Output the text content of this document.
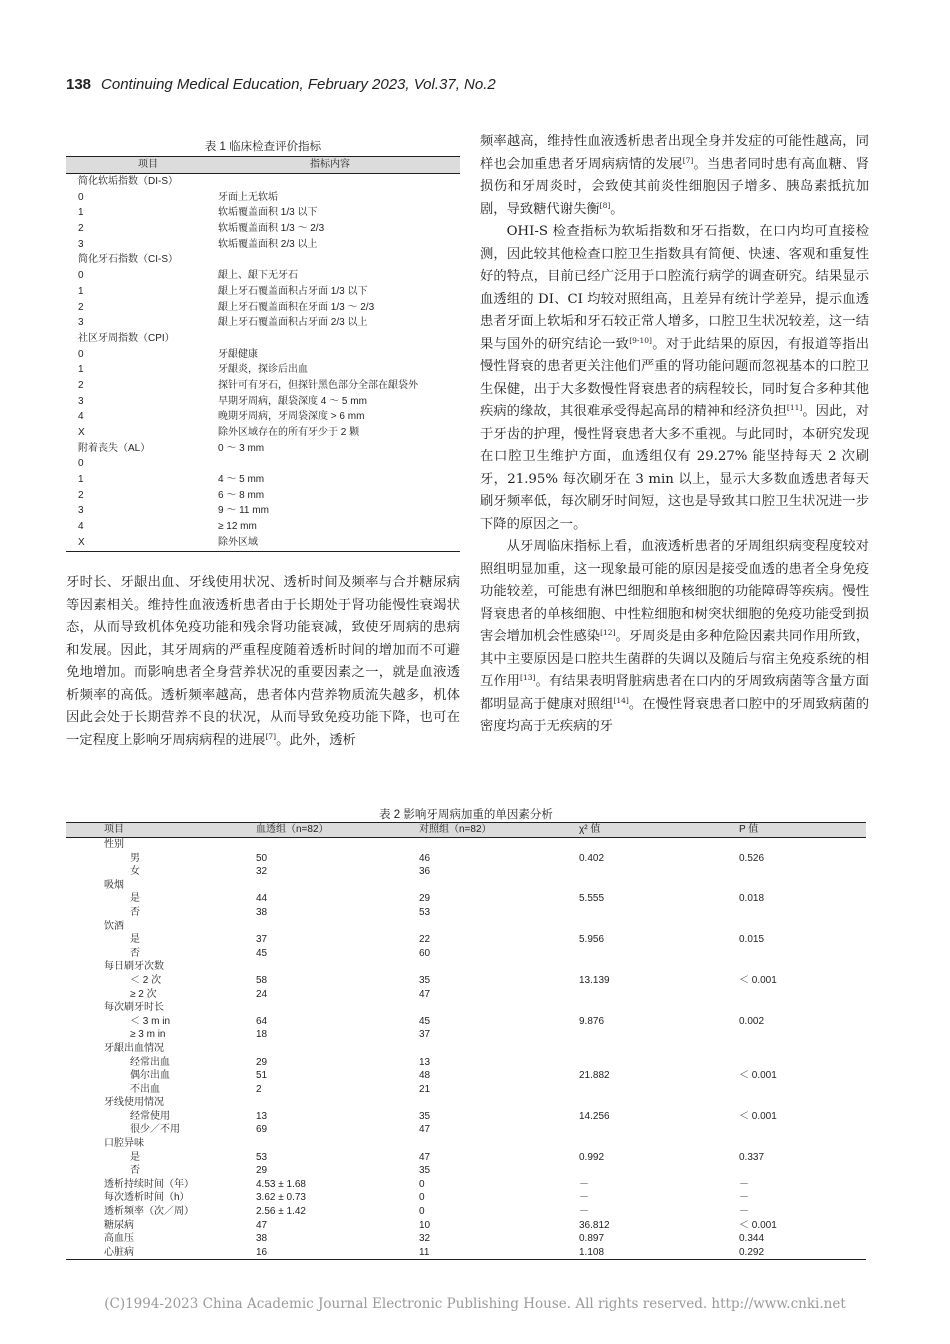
138 Continuing Medical Education, February 2023, Vol.37, No.2
表 1 临床检查评价指标
项目	指标内容
简化软垢指数（DI-S）
0	牙面上无软垢
1	软垢覆盖面积 1/3 以下
2	软垢覆盖面积 1/3 ～ 2/3
3	软垢覆盖面积 2/3 以上
简化牙石指数（CI-S）
0	龈上、龈下无牙石
1	龈上牙石覆盖面积占牙面 1/3 以下
2	龈上牙石覆盖面积在牙面 1/3 ～ 2/3
3	龈上牙石覆盖面积占牙面 2/3 以上
社区牙周指数（CPI）
0	牙龈健康
1	牙龈炎，探诊后出血
2	探针可有牙石，但探针黑色部分全部在龈袋外
3	早期牙周病，龈袋深度 4 ～ 5 mm
4	晚期牙周病，牙周袋深度 > 6 mm
X	除外区域存在的所有牙少于 2 颗
附着丧失（AL）	0 ～ 3 mm
0
1	4 ～ 5 mm
2	6 ～ 8 mm
3	9 ～ 11 mm
4	≥ 12 mm
X	除外区域

牙时长、牙龈出血、牙线使用状况、透析时间及频率与合并糖尿病等因素相关。维持性血液透析患者由于长期处于肾功能慢性衰竭状态，从而导致机体免疫功能和残余肾功能衰减，致使牙周病的患病和发展。因此，其牙周病的严重程度随着透析时间的增加而不可避免地增加。而影响患者全身营养状况的重要因素之一，就是血液透析频率的高低。透析频率越高，患者体内营养物质流失越多，机体因此会处于长期营养不良的状况，从而导致免疫功能下降，也可在一定程度上影响牙周病病程的进展[7]。此外，透析

频率越高，维持性血液透析患者出现全身并发症的可能性越高，同样也会加重患者牙周病病情的发展[7]。当患者同时患有高血糖、肾损伤和牙周炎时，会致使其前炎性细胞因子增多、胰岛素抵抗加剧，导致糖代谢失衡[8]。

OHI-S 检查指标为软垢指数和牙石指数，在口内均可直接检测，因此较其他检查口腔卫生指数具有简便、快速、客观和重复性好的特点，目前已经广泛用于口腔流行病学的调查研究。结果显示血透组的 DI、CI 均较对照组高，且差异有统计学差异，提示血透患者牙面上软垢和牙石较正常人增多，口腔卫生状况较差，这一结果与国外的研究结论一致[9-10]。对于此结果的原因，有报道等指出慢性肾衰的患者更关注他们严重的肾功能问题而忽视基本的口腔卫生保健，出于大多数慢性肾衰患者的病程较长，同时复合多种其他疾病的缘故，其很难承受得起高昂的精神和经济负担[11]。因此，对于牙齿的护理，慢性肾衰患者大多不重视。与此同时，本研究发现在口腔卫生维护方面，血透组仅有 29.27% 能坚持每天 2 次刷牙，21.95% 每次刷牙在 3 min 以上，显示大多数血透患者每天刷牙频率低，每次刷牙时间短，这也是导致其口腔卫生状况进一步下降的原因之一。

从牙周临床指标上看，血液透析患者的牙周组织病变程度较对照组明显加重，这一现象最可能的原因是接受血透的患者全身免疫功能较差，可能患有淋巴细胞和单核细胞的功能障碍等疾病。慢性肾衰患者的单核细胞、中性粒细胞和树突状细胞的免疫功能受到损害会增加机会性感染[12]。牙周炎是由多种危险因素共同作用所致，其中主要原因是口腔共生菌群的失调以及随后与宿主免疫系统的相互作用[13]。有结果表明肾脏病患者在口内的牙周致病菌等含量方面都明显高于健康对照组[14]。在慢性肾衰患者口腔中的牙周致病菌的密度均高于无疾病的牙

表 2 影响牙周病加重的单因素分析
项目	血透组（n=82）	对照组（n=82）	χ² 值	P 值
性别
男	50	46	0.402	0.526
女	32	36
吸烟
是	44	29	5.555	0.018
否	38	53
饮酒
是	37	22	5.956	0.015
否	45	60
每日刷牙次数
＜ 2 次	58	35	13.139	＜ 0.001
≥ 2 次	24	47
每次刷牙时长
＜ 3 m in	64	45	9.876	0.002
≥ 3 m in	18	37
牙龈出血情况
经常出血	29	13
偶尔出血	51	48	21.882	＜ 0.001
不出血	2	21
牙线使用情况
经常使用	13	35	14.256	＜ 0.001
很少／不用	69	47
口腔异味
是	53	47	0.992	0.337
否	29	35
透析持续时间（年）	4.53 ± 1.68	0	－	－
每次透析时间（h）	3.62 ± 0.73	0	－	－
透析频率（次／周）	2.56 ± 1.42	0	－	－
糖尿病	47	10	36.812	＜ 0.001
高血压	38	32	0.897	0.344
心脏病	16	11	1.108	0.292
(C)1994-2023 China Academic Journal Electronic Publishing House. All rights reserved. http://www.cnki.net
